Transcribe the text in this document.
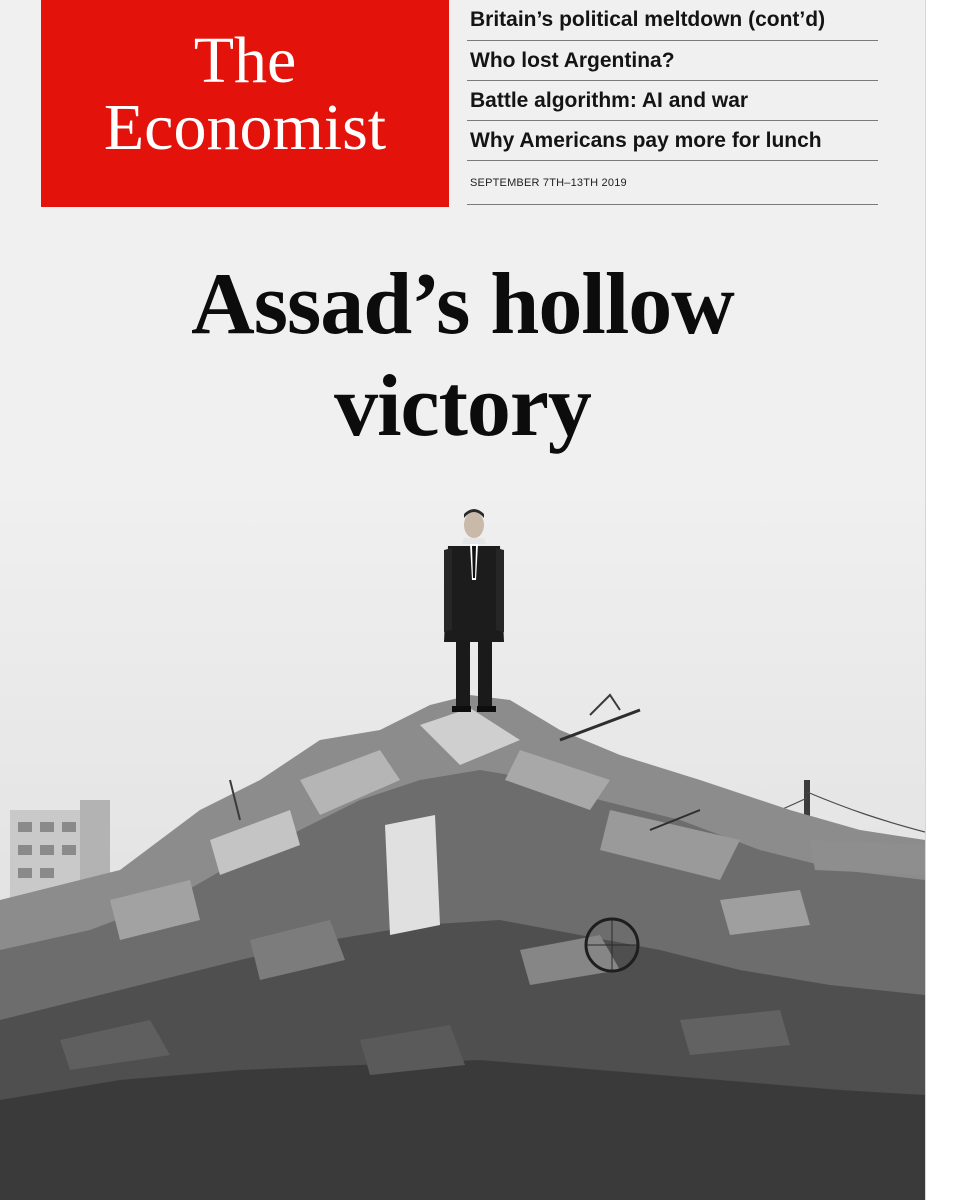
The
Economist
Britain’s political meltdown (cont’d)
Who lost Argentina?
Battle algorithm: AI and war
Why Americans pay more for lunch
SEPTEMBER 7TH–13TH 2019
Assad’s hollow
victory
